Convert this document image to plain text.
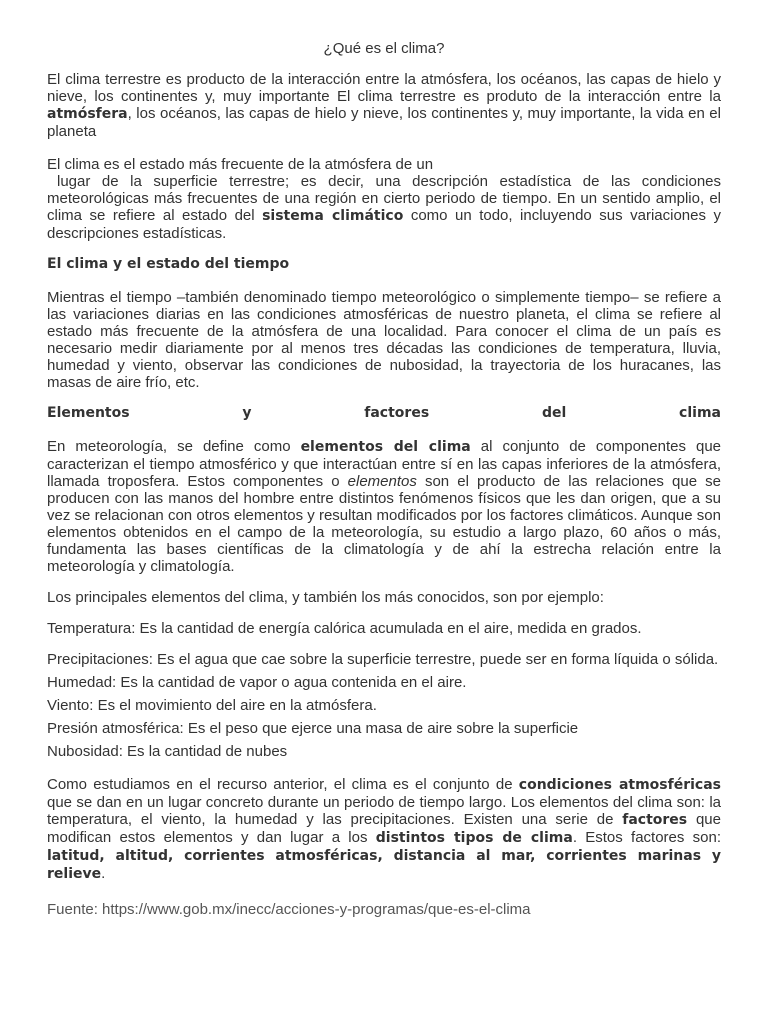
¿Qué es el clima?

El clima terrestre es producto de la interacción entre la atmósfera, los océanos, las capas de hielo y nieve, los continentes y, muy importante El clima terrestre es produto de la interacción entre la atmósfera, los océanos, las capas de hielo y nieve, los continentes y, muy importante, la vida en el planeta

El clima es el estado más frecuente de la atmósfera de un

lugar de la superficie terrestre; es decir, una descripción estadística de las condiciones meteorológicas más frecuentes de una región en cierto periodo de tiempo. En un sentido amplio, el clima se refiere al estado del sistema climático como un todo, incluyendo sus variaciones y descripciones estadísticas.

El clima y el estado del tiempo

Mientras el tiempo –también denominado tiempo meteorológico o simplemente tiempo– se refiere a las variaciones diarias en las condiciones atmosféricas de nuestro planeta, el clima se refiere al estado más frecuente de la atmósfera de una localidad. Para conocer el clima de un país es necesario medir diariamente por al menos tres décadas las condiciones de temperatura, lluvia, humedad y viento, observar las condiciones de nubosidad, la trayectoria de los huracanes, las masas de aire frío, etc.

Elementos	y	factores	del	clima

En meteorología, se define como elementos del clima al conjunto de componentes que caracterizan el tiempo atmosférico y que interactúan entre sí en las capas inferiores de la atmósfera, llamada troposfera. Estos componentes o elementos son el producto de las relaciones que se producen con las manos del hombre entre distintos fenómenos físicos que les dan origen, que a su vez se relacionan con otros elementos y resultan modificados por los factores climáticos. Aunque son elementos obtenidos en el campo de la meteorología, su estudio a largo plazo, 60 años o más, fundamenta las bases científicas de la climatología y de ahí la estrecha relación entre la meteorología y climatología.

Los principales elementos del clima, y también los más conocidos, son por ejemplo:

Temperatura: Es la cantidad de energía calórica acumulada en el aire, medida en grados.

Precipitaciones: Es el agua que cae sobre la superficie terrestre, puede ser en forma líquida o sólida.

Humedad: Es la cantidad de vapor o agua contenida en el aire.

Viento: Es el movimiento del aire en la atmósfera.

Presión atmosférica: Es el peso que ejerce una masa de aire sobre la superficie

Nubosidad: Es la cantidad de nubes

Como estudiamos en el recurso anterior, el clima es el conjunto de condiciones atmosféricas que se dan en un lugar concreto durante un periodo de tiempo largo. Los elementos del clima son: la temperatura, el viento, la humedad y las precipitaciones. Existen una serie de factores que modifican estos elementos y dan lugar a los distintos tipos de clima. Estos factores son: latitud, altitud, corrientes atmosféricas, distancia al mar, corrientes marinas y relieve.

Fuente: https://www.gob.mx/inecc/acciones-y-programas/que-es-el-clima
